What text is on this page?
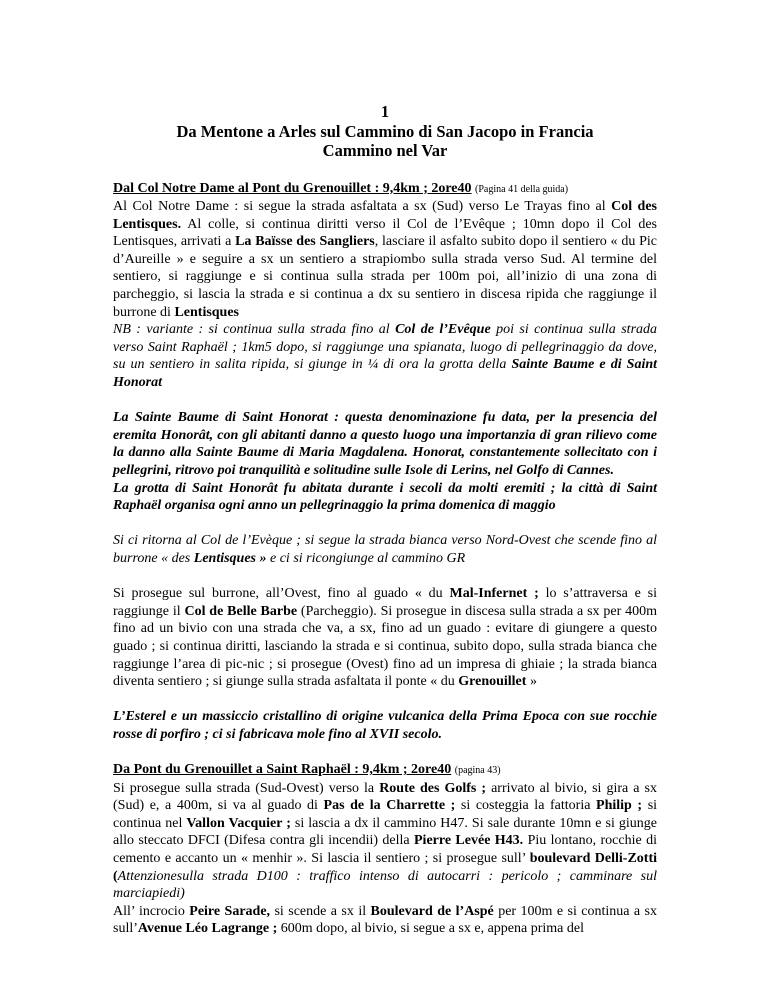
1
Da Mentone a Arles sul Cammino di San Jacopo in Francia
Cammino nel Var

Dal Col Notre Dame al Pont du Grenouillet : 9,4km ; 2ore40 (Pagina 41 della guida)

Al Col Notre Dame : si segue la strada asfaltata a sx (Sud) verso Le Trayas fino al Col des Lentisques. Al colle, si continua diritti verso il Col de l’Evêque ; 10mn dopo il Col des Lentisques, arrivati a La Baïsse des Sangliers, lasciare il asfalto subito dopo il sentiero « du Pic d’Aureille » e seguire a sx un sentiero a strapiombo sulla strada verso Sud. Al termine del sentiero, si raggiunge e si continua sulla strada per 100m poi, all’inizio di una zona di parcheggio, si lascia la strada e si continua a dx su sentiero in discesa ripida che raggiunge il burrone di Lentisques

NB : variante : si continua sulla strada fino al Col de l’Evêque poi si continua sulla strada verso Saint Raphaël ; 1km5 dopo, si raggiunge una spianata, luogo di pellegrinaggio da dove, su un sentiero in salita ripida, si giunge in ¼ di ora la grotta della Sainte Baume e di Saint Honorat

La Sainte Baume di Saint Honorat : questa denominazione fu data, per la presencia del eremita Honorât, con gli abitanti danno a questo luogo una importanzia di gran rilievo come la danno alla Sainte Baume di Maria Magdalena. Honorat, constantemente sollecitato con i pellegrini, ritrovo poi tranquilità e solitudine sulle Isole di Lerins, nel Golfo di Cannes.

La grotta di Saint Honorât fu abitata durante i secoli da molti eremiti ; la città di Saint Raphaël organisa ogni anno un pellegrinaggio la prima domenica di maggio

Si ci ritorna al Col de l’Evèque ; si segue la strada bianca verso Nord-Ovest che scende fino al burrone « des Lentisques » e ci si ricongiunge al cammino GR

Si prosegue sul burrone, all’Ovest, fino al guado « du Mal-Infernet ; lo s’attraversa e si raggiunge il Col de Belle Barbe (Parcheggio). Si prosegue in discesa sulla strada a sx per 400m fino ad un bivio con una strada che va, a sx, fino ad un guado : evitare di giungere a questo guado ; si continua diritti, lasciando la strada e si continua, subito dopo, sulla strada bianca che raggiunge l’area di pic-nic ; si prosegue (Ovest) fino ad un impresa di ghiaie ; la strada bianca diventa sentiero ; si giunge sulla strada asfaltata il ponte « du Grenouillet »

L’Esterel e un massiccio cristallino di origine vulcanica della Prima Epoca con sue rocchie rosse di porfiro ; ci si fabricava mole fino al XVII secolo.

Da Pont du Grenouillet a Saint Raphaël : 9,4km ; 2ore40 (pagina 43)

Si prosegue sulla strada (Sud-Ovest) verso la Route des Golfs ; arrivato al bivio, si gira a sx (Sud) e, a 400m, si va al guado di Pas de la Charrette ; si costeggia la fattoria Philip ; si continua nel Vallon Vacquier ; si lascia a dx il cammino H47. Si sale durante 10mn e si giunge allo steccato DFCI (Difesa contra gli incendii) della Pierre Levée H43. Piu lontano, rocchie di cemento e accanto un « menhir ». Si lascia il sentiero ; si prosegue sull’ boulevard Delli-Zotti (Attenzionesulla strada D100 : traffico intenso di autocarri : pericolo ; camminare sul marciapiedi)

All’ incrocio Peire Sarade, si scende a sx il Boulevard de l’Aspé per 100m e si continua a sx sull’Avenue Léo Lagrange ; 600m dopo, al bivio, si segue a sx e, appena prima del
